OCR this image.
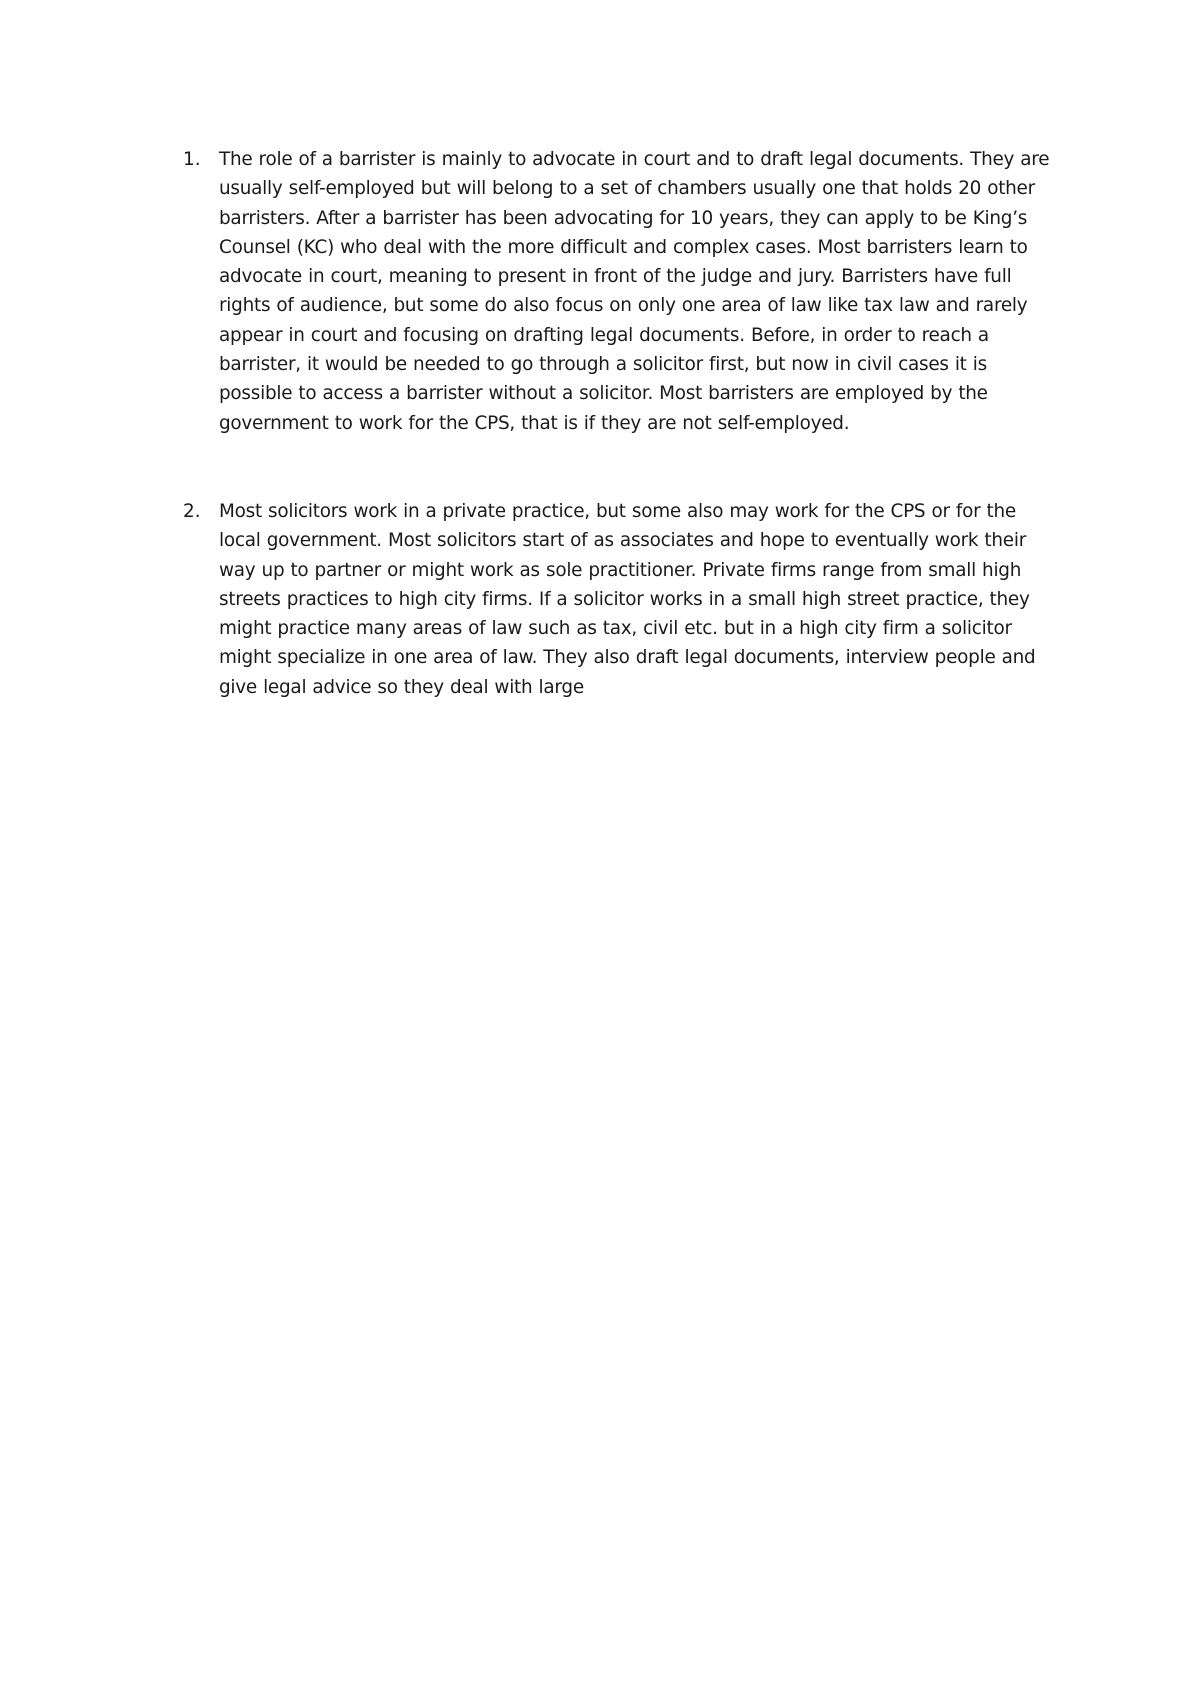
1.	The role of a barrister is mainly to advocate in court and to draft legal documents. They are usually self-employed but will belong to a set of chambers usually one that holds 20 other barristers. After a barrister has been advocating for 10 years, they can apply to be King’s Counsel (KC) who deal with the more difficult and complex cases. Most barristers learn to advocate in court, meaning to present in front of the judge and jury. Barristers have full rights of audience, but some do also focus on only one area of law like tax law and rarely appear in court and focusing on drafting legal documents. Before, in order to reach a barrister, it would be needed to go through a solicitor first, but now in civil cases it is possible to access a barrister without a solicitor. Most barristers are employed by the government to work for the CPS, that is if they are not self-employed.
2.	Most solicitors work in a private practice, but some also may work for the CPS or for the local government. Most solicitors start of as associates and hope to eventually work their way up to partner or might work as sole practitioner. Private firms range from small high streets practices to high city firms. If a solicitor works in a small high street practice, they might practice many areas of law such as tax, civil etc. but in a high city firm a solicitor might specialize in one area of law. They also draft legal documents, interview people and give legal advice so they deal with large
